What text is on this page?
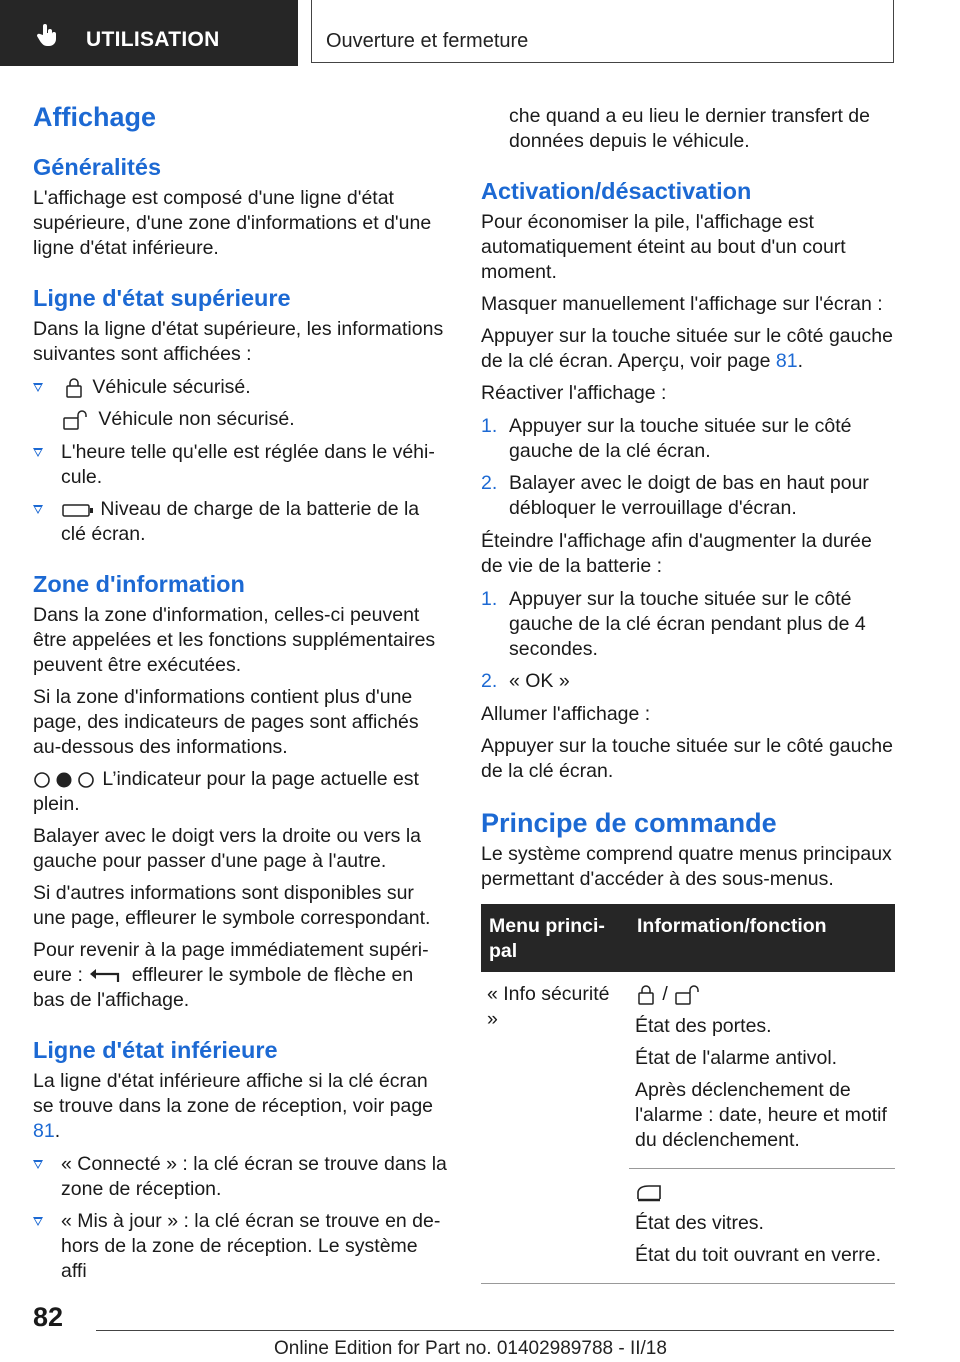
UTILISATION	Ouverture et fermeture
Affichage
Généralités

L'affichage est composé d'une ligne d'état supérieure, d'une zone d'informations et d'une ligne d'état inférieure.

Ligne d'état supérieure

Dans la ligne d'état supérieure, les informations suivantes sont affichées :

Véhicule sécurisé.
Véhicule non sécurisé.
L'heure telle qu'elle est réglée dans le véhicule.
Niveau de charge de la batterie de la clé écran.
Zone d'information

Dans la zone d'information, celles-ci peuvent être appelées et les fonctions supplémentaires peuvent être exécutées.

Si la zone d'informations contient plus d'une page, des indicateurs de pages sont affichés au-dessous des informations.

L’indicateur pour la page actuelle est plein.

Balayer avec le doigt vers la droite ou vers la gauche pour passer d'une page à l'autre.

Si d'autres informations sont disponibles sur une page, effleurer le symbole correspondant.

Pour revenir à la page immédiatement supérieure :	effleurer le symbole de flèche en bas de l'affichage.

Ligne d'état inférieure

La ligne d'état inférieure affiche si la clé écran se trouve dans la zone de réception, voir page 81.

« Connecté » : la clé écran se trouve dans la zone de réception.
« Mis à jour » : la clé écran se trouve en dehors de la zone de réception. Le système affi

che quand a eu lieu le dernier transfert de données depuis le véhicule.

Activation/désactivation

Pour économiser la pile, l'affichage est automatiquement éteint au bout d'un court moment.

Masquer manuellement l'affichage sur l'écran :

Appuyer sur la touche située sur le côté gauche de la clé écran. Aperçu, voir page 81.

Réactiver l'affichage :

1. Appuyer sur la touche située sur le côté gauche de la clé écran.
2. Balayer avec le doigt de bas en haut pour débloquer le verrouillage d'écran.

Éteindre l'affichage afin d'augmenter la durée de vie de la batterie :

1. Appuyer sur la touche située sur le côté gauche de la clé écran pendant plus de 4 secondes.
2. « OK »

Allumer l'affichage :

Appuyer sur la touche située sur le côté gauche de la clé écran.

Principe de commande

Le système comprend quatre menus principaux permettant d'accéder à des sous-menus.

Menu principal	Information/fonction
« Info sécurité »	/

État des portes.

État de l'alarme antivol.

Après déclenchement de l'alarme : date, heure et motif du déclenchement.

	État des vitres.

État du toit ouvrant en verre.

82
Online Edition for Part no. 01402989788 - II/18
